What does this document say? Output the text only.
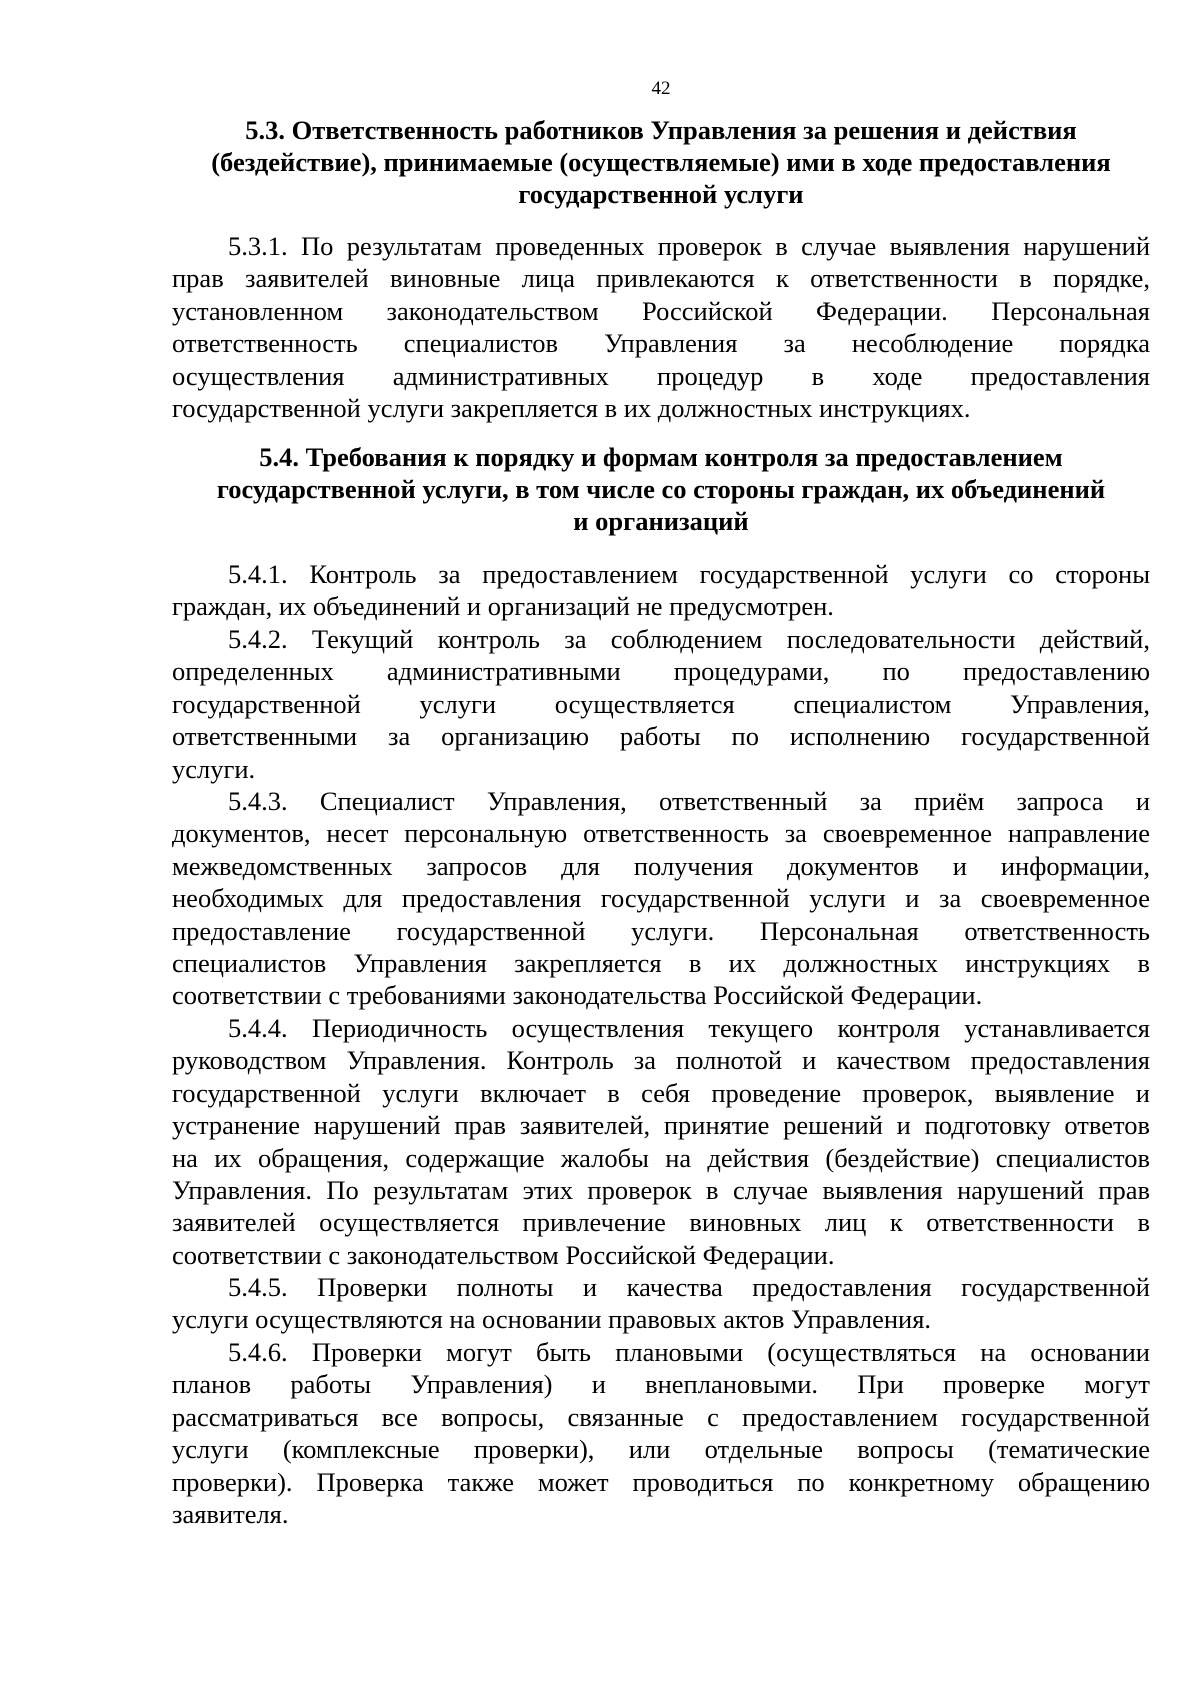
42
5.3. Ответственность работников Управления за решения и действия
(бездействие), принимаемые (осуществляемые) ими в ходе предоставления
государственной услуги

5.3.1. По результатам проведенных проверок в случае выявления нарушений
прав заявителей виновные лица привлекаются к ответственности в порядке,
установленном законодательством Российской Федерации. Персональная
ответственность специалистов Управления за несоблюдение порядка
осуществления административных процедур в ходе предоставления
государственной услуги закрепляется в их должностных инструкциях.

5.4. Требования к порядку и формам контроля за предоставлением
государственной услуги, в том числе со стороны граждан, их объединений
и организаций

5.4.1. Контроль за предоставлением государственной услуги со стороны
граждан, их объединений и организаций не предусмотрен.

5.4.2. Текущий контроль за соблюдением последовательности действий,
определенных административными процедурами, по предоставлению
государственной услуги осуществляется специалистом Управления,
ответственными за организацию работы по исполнению государственной
услуги.

5.4.3. Специалист Управления, ответственный за приём запроса и
документов, несет персональную ответственность за своевременное направление
межведомственных запросов для получения документов и информации,
необходимых для предоставления государственной услуги и за своевременное
предоставление государственной услуги. Персональная ответственность
специалистов Управления закрепляется в их должностных инструкциях в
соответствии с требованиями законодательства Российской Федерации.

5.4.4. Периодичность осуществления текущего контроля устанавливается
руководством Управления. Контроль за полнотой и качеством предоставления
государственной услуги включает в себя проведение проверок, выявление и
устранение нарушений прав заявителей, принятие решений и подготовку ответов
на их обращения, содержащие жалобы на действия (бездействие) специалистов
Управления. По результатам этих проверок в случае выявления нарушений прав
заявителей осуществляется привлечение виновных лиц к ответственности в
соответствии с законодательством Российской Федерации.

5.4.5. Проверки полноты и качества предоставления государственной
услуги осуществляются на основании правовых актов Управления.

5.4.6. Проверки могут быть плановыми (осуществляться на основании
планов работы Управления) и внеплановыми. При проверке могут
рассматриваться все вопросы, связанные с предоставлением государственной
услуги (комплексные проверки), или отдельные вопросы (тематические
проверки). Проверка также может проводиться по конкретному обращению
заявителя.
